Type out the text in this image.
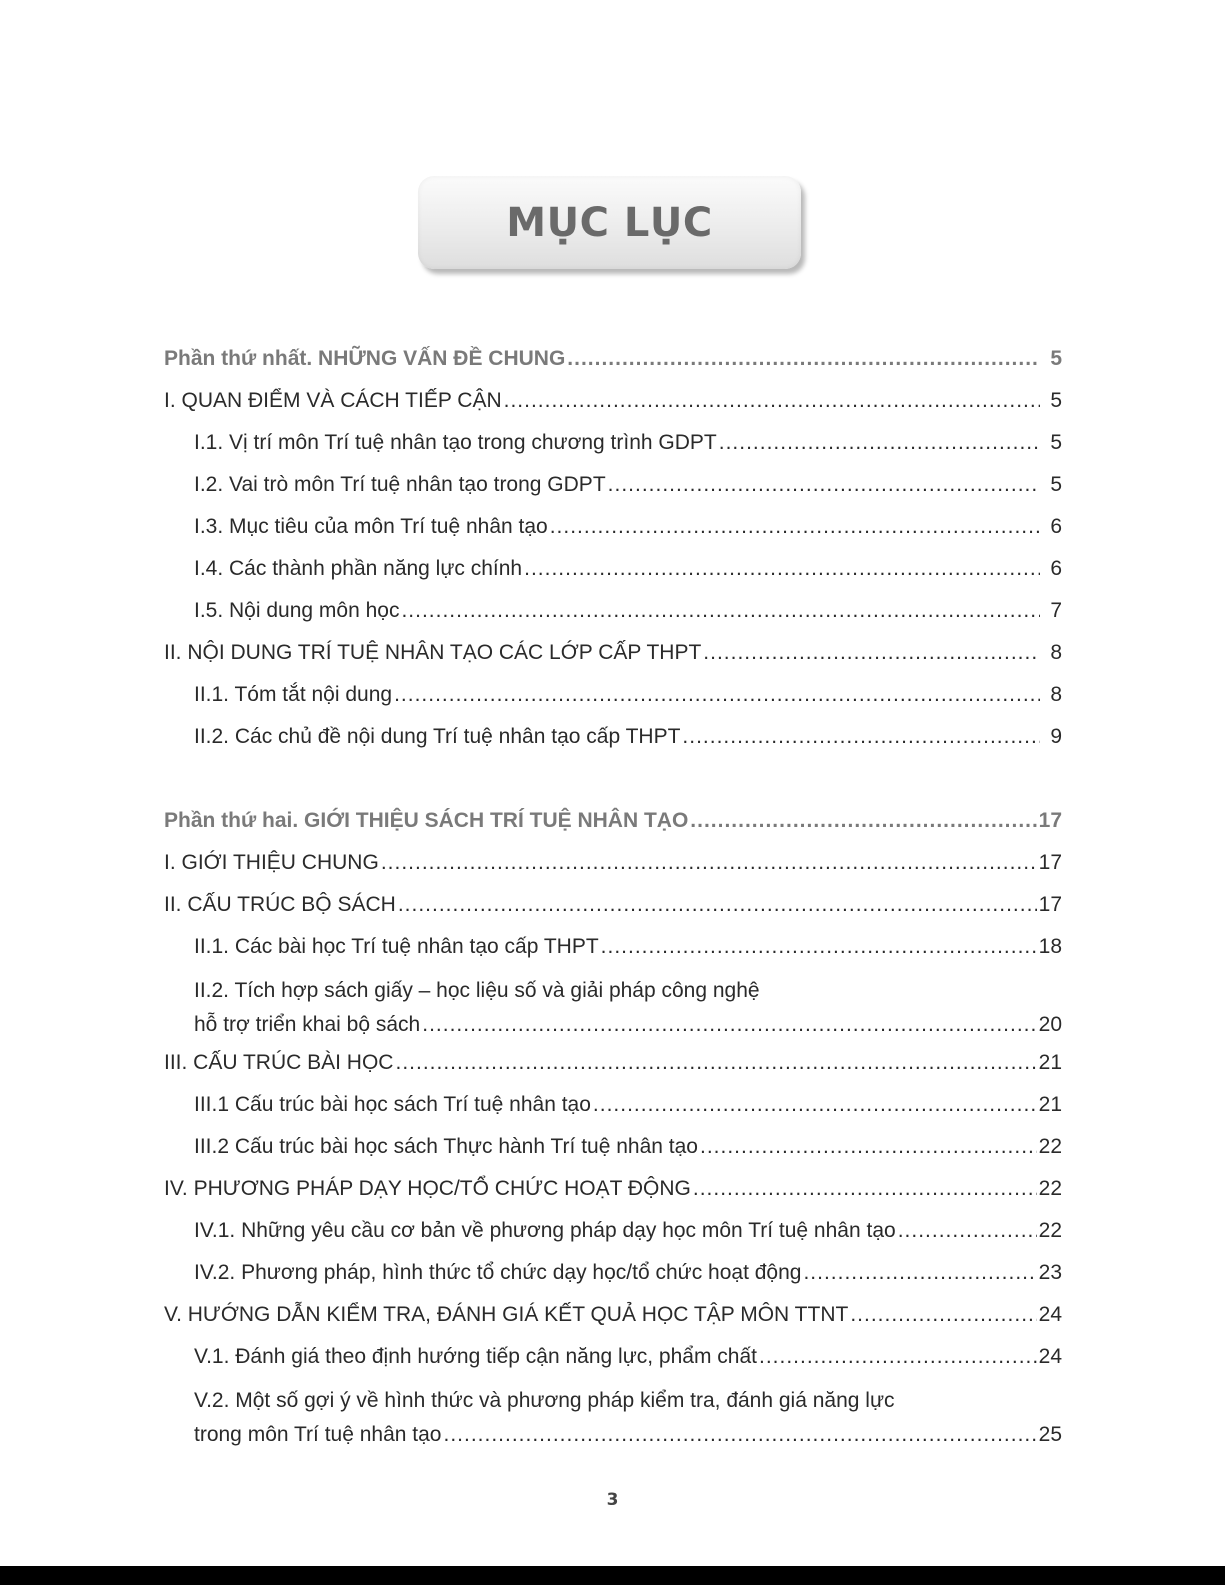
MỤC LỤC
Phần thứ nhất. NHỮNG VẤN ĐỀ CHUNG .....	5
I. QUAN ĐIỂM VÀ CÁCH TIẾP CẬN .....	5
I.1. Vị trí môn Trí tuệ nhân tạo trong chương trình GDPT .....	5
I.2. Vai trò môn Trí tuệ nhân tạo trong GDPT .....	5
I.3. Mục tiêu của môn Trí tuệ nhân tạo .....	6
I.4. Các thành phần năng lực chính .....	6
I.5. Nội dung môn học .....	7
II. NỘI DUNG TRÍ TUỆ NHÂN TẠO CÁC LỚP CẤP THPT .....	8
II.1. Tóm tắt nội dung .....	8
II.2. Các chủ đề nội dung Trí tuệ nhân tạo cấp THPT .....	9
Phần thứ hai. GIỚI THIỆU SÁCH TRÍ TUỆ NHÂN TẠO .....	17
I. GIỚI THIỆU CHUNG .....	17
II. CẤU TRÚC BỘ SÁCH .....	17
II.1. Các bài học Trí tuệ nhân tạo cấp THPT .....	18
II.2. Tích hợp sách giấy – học liệu số và giải pháp công nghệ
hỗ trợ triển khai bộ sách .....	20
III. CẤU TRÚC BÀI HỌC .....	21
III.1 Cấu trúc bài học sách Trí tuệ nhân tạo .....	21
III.2 Cấu trúc bài học sách Thực hành Trí tuệ nhân tạo .....	22
IV. PHƯƠNG PHÁP DẠY HỌC/TỔ CHỨC HOẠT ĐỘNG .....	22
IV.1. Những yêu cầu cơ bản về phương pháp dạy học môn Trí tuệ nhân tạo .....	22
IV.2. Phương pháp, hình thức tổ chức dạy học/tổ chức hoạt động .....	23
V. HƯỚNG DẪN KIỂM TRA, ĐÁNH GIÁ KẾT QUẢ HỌC TẬP MÔN TTNT .....	24
V.1. Đánh giá theo định hướng tiếp cận năng lực, phẩm chất .....	24
V.2. Một số gợi ý về hình thức và phương pháp kiểm tra, đánh giá năng lực
trong môn Trí tuệ nhân tạo .....	25
3
